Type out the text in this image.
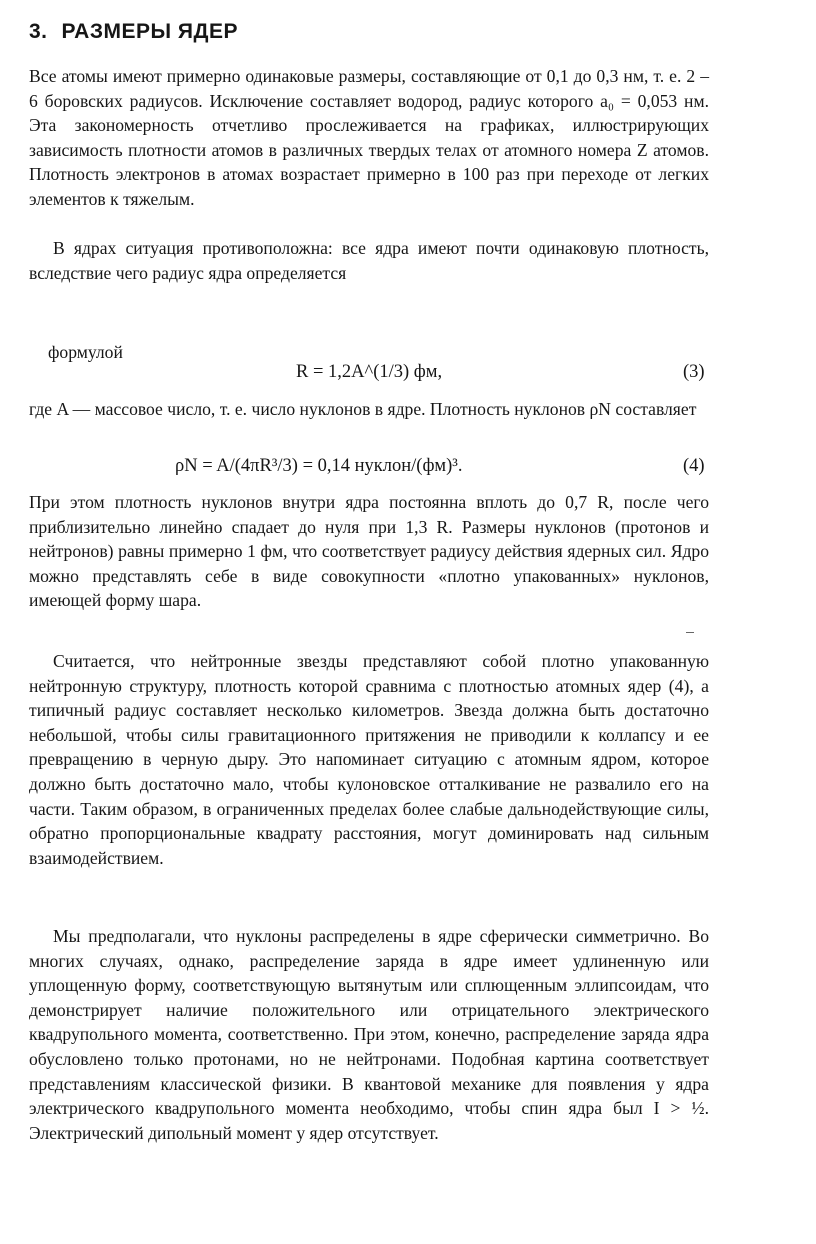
3. РАЗМЕРЫ ЯДЕР

Все атомы имеют примерно одинаковые размеры, составляющие от 0,1 до 0,3 нм, т. е. 2 – 6 боровских радиусов. Исключение составляет водород, радиус которого a₀ = 0,053 нм. Эта закономерность отчетливо прослеживается на графиках, иллюстрирующих зависимость плотности атомов в различных твердых телах от атомного номера Z атомов. Плотность электронов в атомах возрастает примерно в 100 раз при переходе от легких элементов к тяжелым.

В ядрах ситуация противоположна: все ядра имеют почти одинаковую плотность, вследствие чего радиус ядра определяется

формулой
R = 1,2A^(1/3) фм,	(3)

где A — массовое число, т. е. число нуклонов в ядре. Плотность нуклонов ρN составляет

ρN = A/(4πR³/3) = 0,14 нуклон/(фм)³.	(4)

При этом плотность нуклонов внутри ядра постоянна вплоть до 0,7 R, после чего приблизительно линейно спадает до нуля при 1,3 R. Размеры нуклонов (протонов и нейтронов) равны примерно 1 фм, что соответствует радиусу действия ядерных сил. Ядро можно представлять себе в виде совокупности «плотно упакованных» нуклонов, имеющей форму шара.

Считается, что нейтронные звезды представляют собой плотно упакованную нейтронную структуру, плотность которой сравнима с плотностью атомных ядер (4), а типичный радиус составляет несколько километров. Звезда должна быть достаточно небольшой, чтобы силы гравитационного притяжения не приводили к коллапсу и ее превращению в черную дыру. Это напоминает ситуацию с атомным ядром, которое должно быть достаточно мало, чтобы кулоновское отталкивание не развалило его на части. Таким образом, в ограниченных пределах более слабые дальнодействующие силы, обратно пропорциональные квадрату расстояния, могут доминировать над сильным взаимодействием.

Мы предполагали, что нуклоны распределены в ядре сферически симметрично. Во многих случаях, однако, распределение заряда в ядре имеет удлиненную или уплощенную форму, соответствующую вытянутым или сплющенным эллипсоидам, что демонстрирует наличие положительного или отрицательного электрического квадрупольного момента, соответственно. При этом, конечно, распределение заряда ядра обусловлено только протонами, но не нейтронами. Подобная картина соответствует представлениям классической физики. В квантовой механике для появления у ядра электрического квадрупольного момента необходимо, чтобы спин ядра был I > ½. Электрический дипольный момент у ядер отсутствует.
